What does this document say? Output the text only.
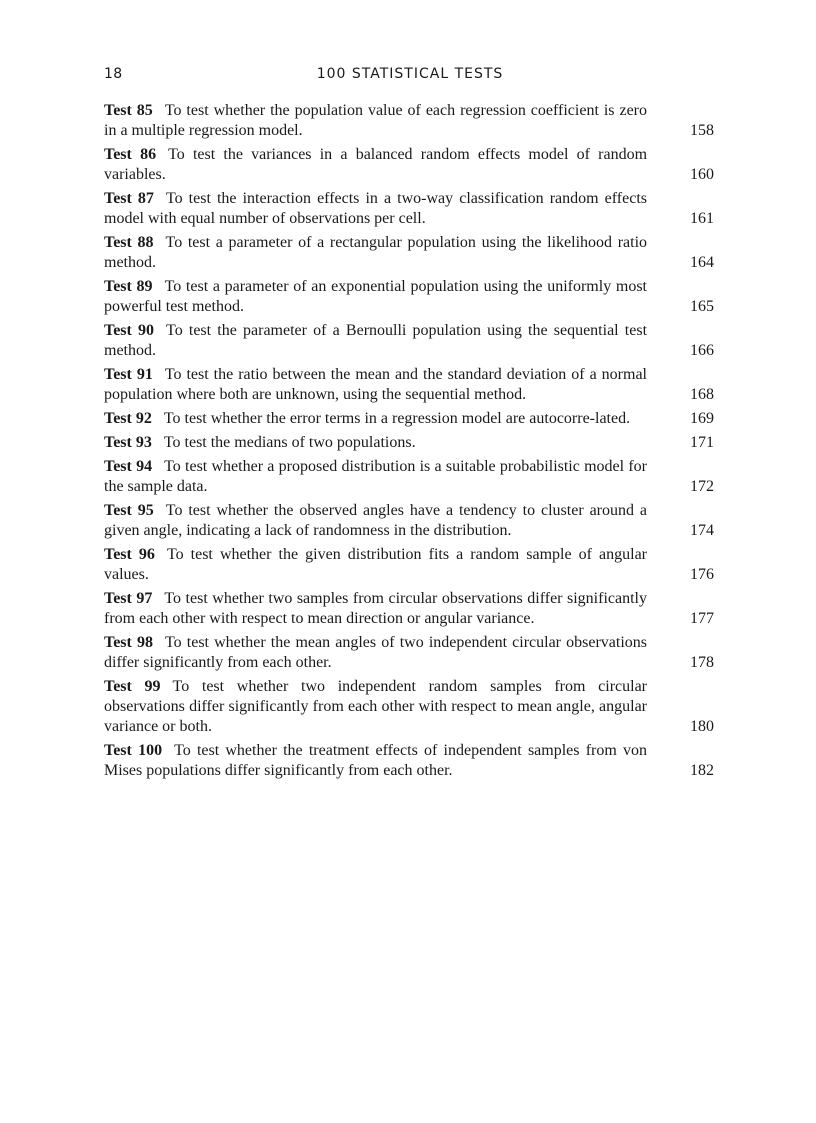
18	100 STATISTICAL TESTS
Test 85 To test whether the population value of each regression coefficient is zero in a multiple regression model.	158
Test 86 To test the variances in a balanced random effects model of random variables.	160
Test 87 To test the interaction effects in a two-way classification random effects model with equal number of observations per cell.	161
Test 88 To test a parameter of a rectangular population using the likelihood ratio method.	164
Test 89 To test a parameter of an exponential population using the uniformly most powerful test method.	165
Test 90 To test the parameter of a Bernoulli population using the sequential test method.	166
Test 91 To test the ratio between the mean and the standard deviation of a normal population where both are unknown, using the sequential method.	168
Test 92 To test whether the error terms in a regression model are autocorre-lated.	169
Test 93 To test the medians of two populations.	171
Test 94 To test whether a proposed distribution is a suitable probabilistic model for the sample data.	172
Test 95 To test whether the observed angles have a tendency to cluster around a given angle, indicating a lack of randomness in the distribution.	174
Test 96 To test whether the given distribution fits a random sample of angular values.	176
Test 97 To test whether two samples from circular observations differ significantly from each other with respect to mean direction or angular variance.	177
Test 98 To test whether the mean angles of two independent circular observations differ significantly from each other.	178
Test 99 To test whether two independent random samples from circular observations differ significantly from each other with respect to mean angle, angular variance or both.	180
Test 100 To test whether the treatment effects of independent samples from von Mises populations differ significantly from each other.	182
